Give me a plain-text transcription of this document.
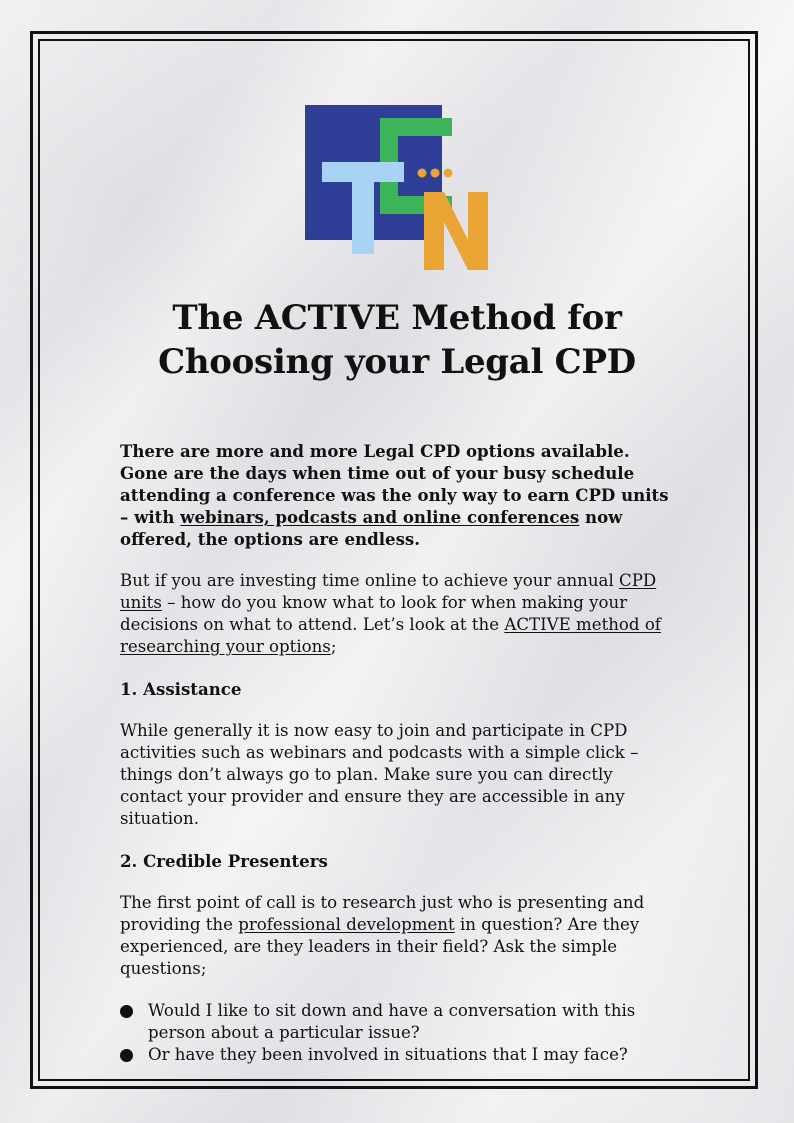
The ACTIVE Method for
Choosing your Legal CPD

There are more and more Legal CPD options available. Gone are the days when time out of your busy schedule attending a conference was the only way to earn CPD units – with webinars, podcasts and online conferences now offered, the options are endless.

But if you are investing time online to achieve your annual CPD units – how do you know what to look for when making your decisions on what to attend. Let’s look at the ACTIVE method of researching your options;

1. Assistance

While generally it is now easy to join and participate in CPD activities such as webinars and podcasts with a simple click – things don’t always go to plan. Make sure you can directly contact your provider and ensure they are accessible in any situation.

2. Credible Presenters

The first point of call is to research just who is presenting and providing the professional development in question? Are they experienced, are they leaders in their field? Ask the simple questions;

Would I like to sit down and have a conversation with this person about a particular issue?
Or have they been involved in situations that I may face?
